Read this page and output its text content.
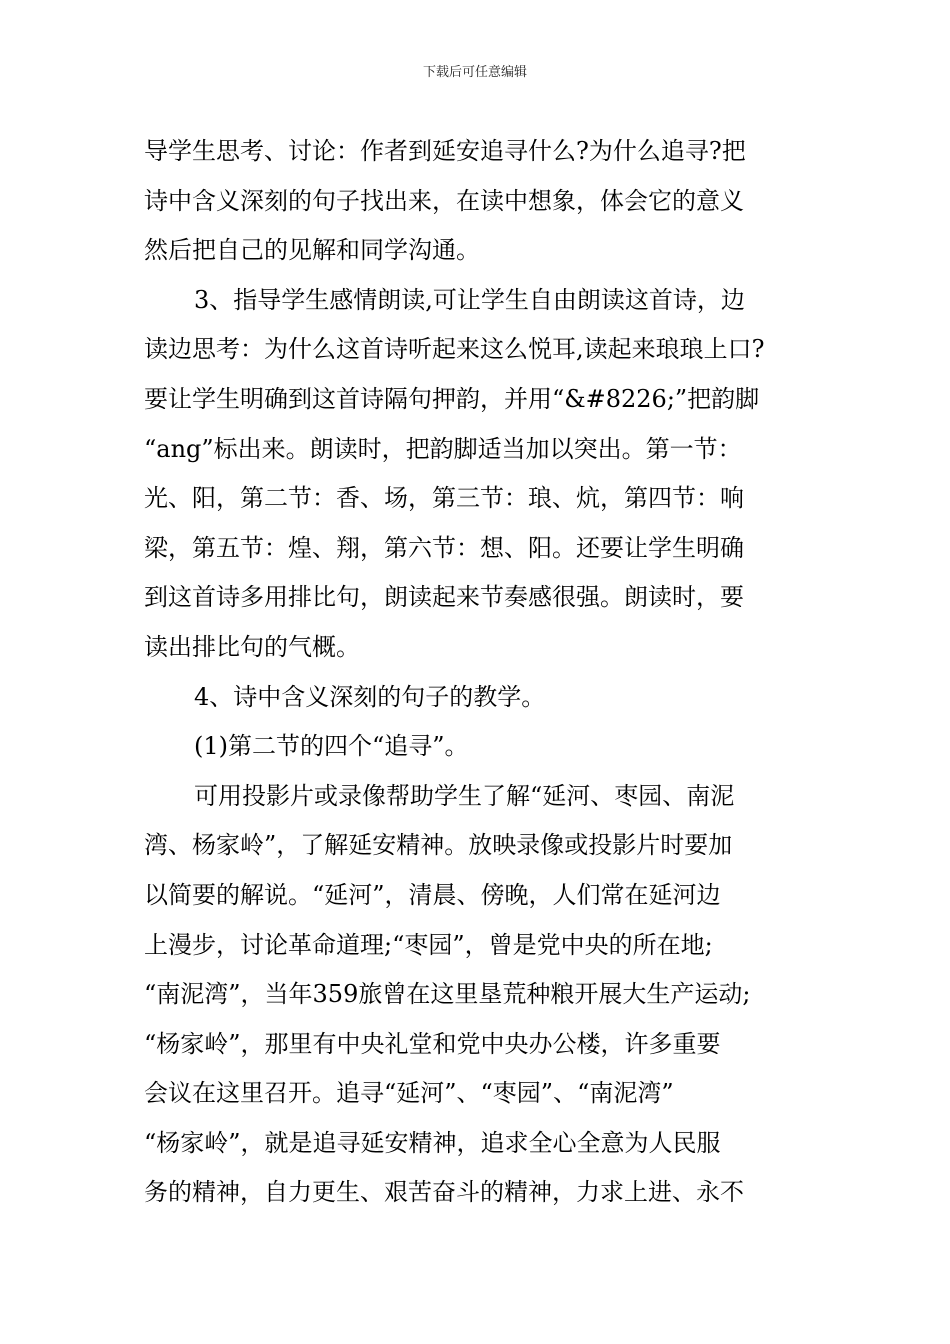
下载后可任意编辑
导学生思考、讨论：作者到延安追寻什么?为什么追寻?把
诗中含义深刻的句子找出来，在读中想象，体会它的意义
然后把自己的见解和同学沟通。
3、指导学生感情朗读,可让学生自由朗读这首诗，边
读边思考：为什么这首诗听起来这么悦耳,读起来琅琅上口?
要让学生明确到这首诗隔句押韵，并用“&#8226;”把韵脚
“ang”标出来。朗读时，把韵脚适当加以突出。第一节：
光、阳，第二节：香、场，第三节：琅、炕，第四节：响
梁，第五节：煌、翔，第六节：想、阳。还要让学生明确
到这首诗多用排比句，朗读起来节奏感很强。朗读时，要
读出排比句的气概。
4、诗中含义深刻的句子的教学。
(1)第二节的四个“追寻”。
可用投影片或录像帮助学生了解“延河、枣园、南泥
湾、杨家岭”，了解延安精神。放映录像或投影片时要加
以简要的解说。“延河”，清晨、傍晚，人们常在延河边
上漫步，讨论革命道理;“枣园”，曾是党中央的所在地;
“南泥湾”，当年359旅曾在这里垦荒种粮开展大生产运动;
“杨家岭”，那里有中央礼堂和党中央办公楼，许多重要
会议在这里召开。追寻“延河”、“枣园”、“南泥湾”
“杨家岭”，就是追寻延安精神，追求全心全意为人民服
务的精神，自力更生、艰苦奋斗的精神，力求上进、永不
